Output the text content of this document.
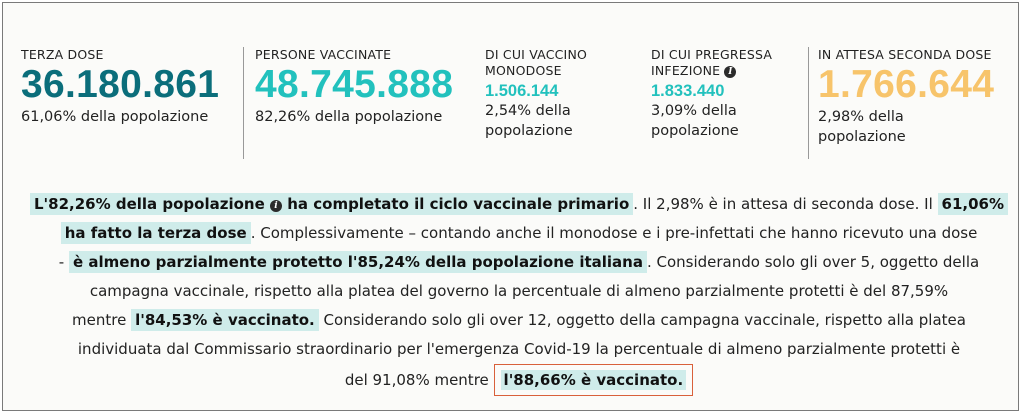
TERZA DOSE
36.180.861
61,06% della popolazione
PERSONE VACCINATE
48.745.888
82,26% della popolazione
DI CUI VACCINO
MONODOSE
1.506.144
2,54% della
popolazione
DI CUI PREGRESSA
INFEZIONE I
1.833.440
3,09% della
popolazione
IN ATTESA SECONDA DOSE
1.766.644
2,98% della popolazione
L'82,26% della popolazione i ha completato il ciclo vaccinale primario . Il 2,98% è in attesa di seconda dose. Il 61,06%
ha fatto la terza dose . Complessivamente – contando anche il monodose e i pre-infettati che hanno ricevuto una dose
- è almeno parzialmente protetto l'85,24% della popolazione italiana . Considerando solo gli over 5, oggetto della
campagna vaccinale, rispetto alla platea del governo la percentuale di almeno parzialmente protetti è del 87,59%
mentre l'84,53% è vaccinato. Considerando solo gli over 12, oggetto della campagna vaccinale, rispetto alla platea
individuata dal Commissario straordinario per l'emergenza Covid-19 la percentuale di almeno parzialmente protetti è
del 91,08% mentre l'88,66% è vaccinato.
